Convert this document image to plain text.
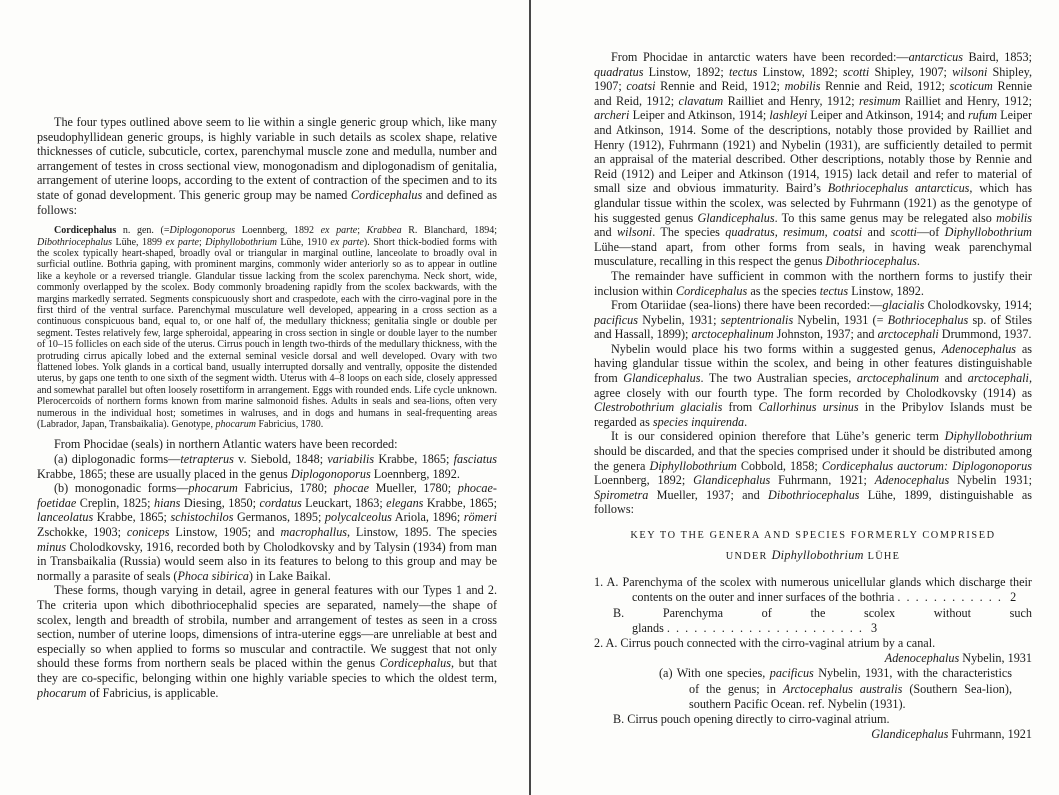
The four types outlined above seem to lie within a single generic group which, like many pseudophyllidean generic groups, is highly variable in such details as scolex shape, relative thicknesses of cuticle, subcuticle, cortex, parenchymal muscle zone and medulla, number and arrangement of testes in cross sectional view, monogonadism and diplogonadism of genitalia, arrangement of uterine loops, according to the extent of contraction of the specimen and to its state of gonad development. This generic group may be named Cordicephalus and defined as follows:

Cordicephalus n. gen. (=Diplogonoporus Loennberg, 1892 ex parte; Krabbea R. Blanchard, 1894; Dibothriocephalus Lühe, 1899 ex parte; Diphyllobothrium Lühe, 1910 ex parte). Short thick-bodied forms with the scolex typically heart-shaped, broadly oval or triangular in marginal outline, lanceolate to broadly oval in surficial outline. Bothria gaping, with prominent margins, commonly wider anteriorly so as to appear in outline like a keyhole or a reversed triangle. Glandular tissue lacking from the scolex parenchyma. Neck short, wide, commonly overlapped by the scolex. Body commonly broadening rapidly from the scolex backwards, with the margins markedly serrated. Segments conspicuously short and craspedote, each with the cirro-vaginal pore in the first third of the ventral surface. Parenchymal musculature well developed, appearing in a cross section as a continuous conspicuous band, equal to, or one half of, the medullary thickness; genitalia single or double per segment. Testes relatively few, large spheroidal, appearing in cross section in single or double layer to the number of 10–15 follicles on each side of the uterus. Cirrus pouch in length two-thirds of the medullary thickness, with the protruding cirrus apically lobed and the external seminal vesicle dorsal and well developed. Ovary with two flattened lobes. Yolk glands in a cortical band, usually interrupted dorsally and ventrally, opposite the distended uterus, by gaps one tenth to one sixth of the segment width. Uterus with 4–8 loops on each side, closely appressed and somewhat parallel but often loosely rosettiform in arrangement. Eggs with rounded ends. Life cycle unknown. Plerocercoids of northern forms known from marine salmonoid fishes. Adults in seals and sea-lions, often very numerous in the individual host; sometimes in walruses, and in dogs and humans in seal-frequenting areas (Labrador, Japan, Transbaikalia). Genotype, phocarum Fabricius, 1780.

From Phocidae (seals) in northern Atlantic waters have been recorded:

(a) diplogonadic forms—tetrapterus v. Siebold, 1848; variabilis Krabbe, 1865; fasciatus Krabbe, 1865; these are usually placed in the genus Diplogonoporus Loennberg, 1892.

(b) monogonadic forms—phocarum Fabricius, 1780; phocae Mueller, 1780; phocae-foetidae Creplin, 1825; hians Diesing, 1850; cordatus Leuckart, 1863; elegans Krabbe, 1865; lanceolatus Krabbe, 1865; schistochilos Germanos, 1895; polycalceolus Ariola, 1896; römeri Zschokke, 1903; coniceps Linstow, 1905; and macrophallus, Linstow, 1895. The species minus Cholodkovsky, 1916, recorded both by Cholodkovsky and by Talysin (1934) from man in Transbaikalia (Russia) would seem also in its features to belong to this group and may be normally a parasite of seals (Phoca sibirica) in Lake Baikal.

These forms, though varying in detail, agree in general features with our Types 1 and 2. The criteria upon which dibothriocephalid species are separated, namely—the shape of scolex, length and breadth of strobila, number and arrangement of testes as seen in a cross section, number of uterine loops, dimensions of intra-uterine eggs—are unreliable at best and especially so when applied to forms so muscular and contractile. We suggest that not only should these forms from northern seals be placed within the genus Cordicephalus, but that they are co-specific, belonging within one highly variable species to which the oldest term, phocarum of Fabricius, is applicable.

From Phocidae in antarctic waters have been recorded:—antarcticus Baird, 1853; quadratus Linstow, 1892; tectus Linstow, 1892; scotti Shipley, 1907; wilsoni Shipley, 1907; coatsi Rennie and Reid, 1912; mobilis Rennie and Reid, 1912; scoticum Rennie and Reid, 1912; clavatum Railliet and Henry, 1912; resimum Railliet and Henry, 1912; archeri Leiper and Atkinson, 1914; lashleyi Leiper and Atkinson, 1914; and rufum Leiper and Atkinson, 1914. Some of the descriptions, notably those provided by Railliet and Henry (1912), Fuhrmann (1921) and Nybelin (1931), are sufficiently detailed to permit an appraisal of the material described. Other descriptions, notably those by Rennie and Reid (1912) and Leiper and Atkinson (1914, 1915) lack detail and refer to material of small size and obvious immaturity. Baird’s Bothriocephalus antarcticus, which has glandular tissue within the scolex, was selected by Fuhrmann (1921) as the genotype of his suggested genus Glandicephalus. To this same genus may be relegated also mobilis and wilsoni. The species quadratus, resimum, coatsi and scotti—of Diphyllobothrium Lühe—stand apart, from other forms from seals, in having weak parenchymal musculature, recalling in this respect the genus Dibothriocephalus.

The remainder have sufficient in common with the northern forms to justify their inclusion within Cordicephalus as the species tectus Linstow, 1892.

From Otariidae (sea-lions) there have been recorded:—glacialis Cholodkovsky, 1914; pacificus Nybelin, 1931; septentrionalis Nybelin, 1931 (= Bothriocephalus sp. of Stiles and Hassall, 1899); arctocephalinum Johnston, 1937; and arctocephali Drummond, 1937.

Nybelin would place his two forms within a suggested genus, Adenocephalus as having glandular tissue within the scolex, and being in other features distinguishable from Glandicephalus. The two Australian species, arctocephalinum and arctocephali, agree closely with our fourth type. The form recorded by Cholodkovsky (1914) as Clestrobothrium glacialis from Callorhinus ursinus in the Pribylov Islands must be regarded as species inquirenda.

It is our considered opinion therefore that Lühe’s generic term Diphyllobothrium should be discarded, and that the species comprised under it should be distributed among the genera Diphyllobothrium Cobbold, 1858; Cordicephalus auctorum: Diplogonoporus Loennberg, 1892; Glandicephalus Fuhrmann, 1921; Adenocephalus Nybelin 1931; Spirometra Mueller, 1937; and Dibothriocephalus Lühe, 1899, distinguishable as follows:

KEY TO THE GENERA AND SPECIES FORMERLY COMPRISED
UNDER Diphyllobothrium LÜHE

1. A. Parenchyma of the scolex with numerous unicellular glands which discharge their contents on the outer and inner surfaces of the bothria .  .  .  .  .  .  .  .  .  .  .  .   2

B. Parenchyma of the scolex without such glands .  .  .  .  .  .  .  .  .  .  .  .  .  .  .  .  .  .  .  .  .  .   3

2. A. Cirrus pouch connected with the cirro-vaginal atrium by a canal.

Adenocephalus Nybelin, 1931

(a) With one species, pacificus Nybelin, 1931, with the characteristics of the genus; in Arctocephalus australis (Southern Sea-lion), southern Pacific Ocean. ref. Nybelin (1931).

B. Cirrus pouch opening directly to cirro-vaginal atrium.

Glandicephalus Fuhrmann, 1921
